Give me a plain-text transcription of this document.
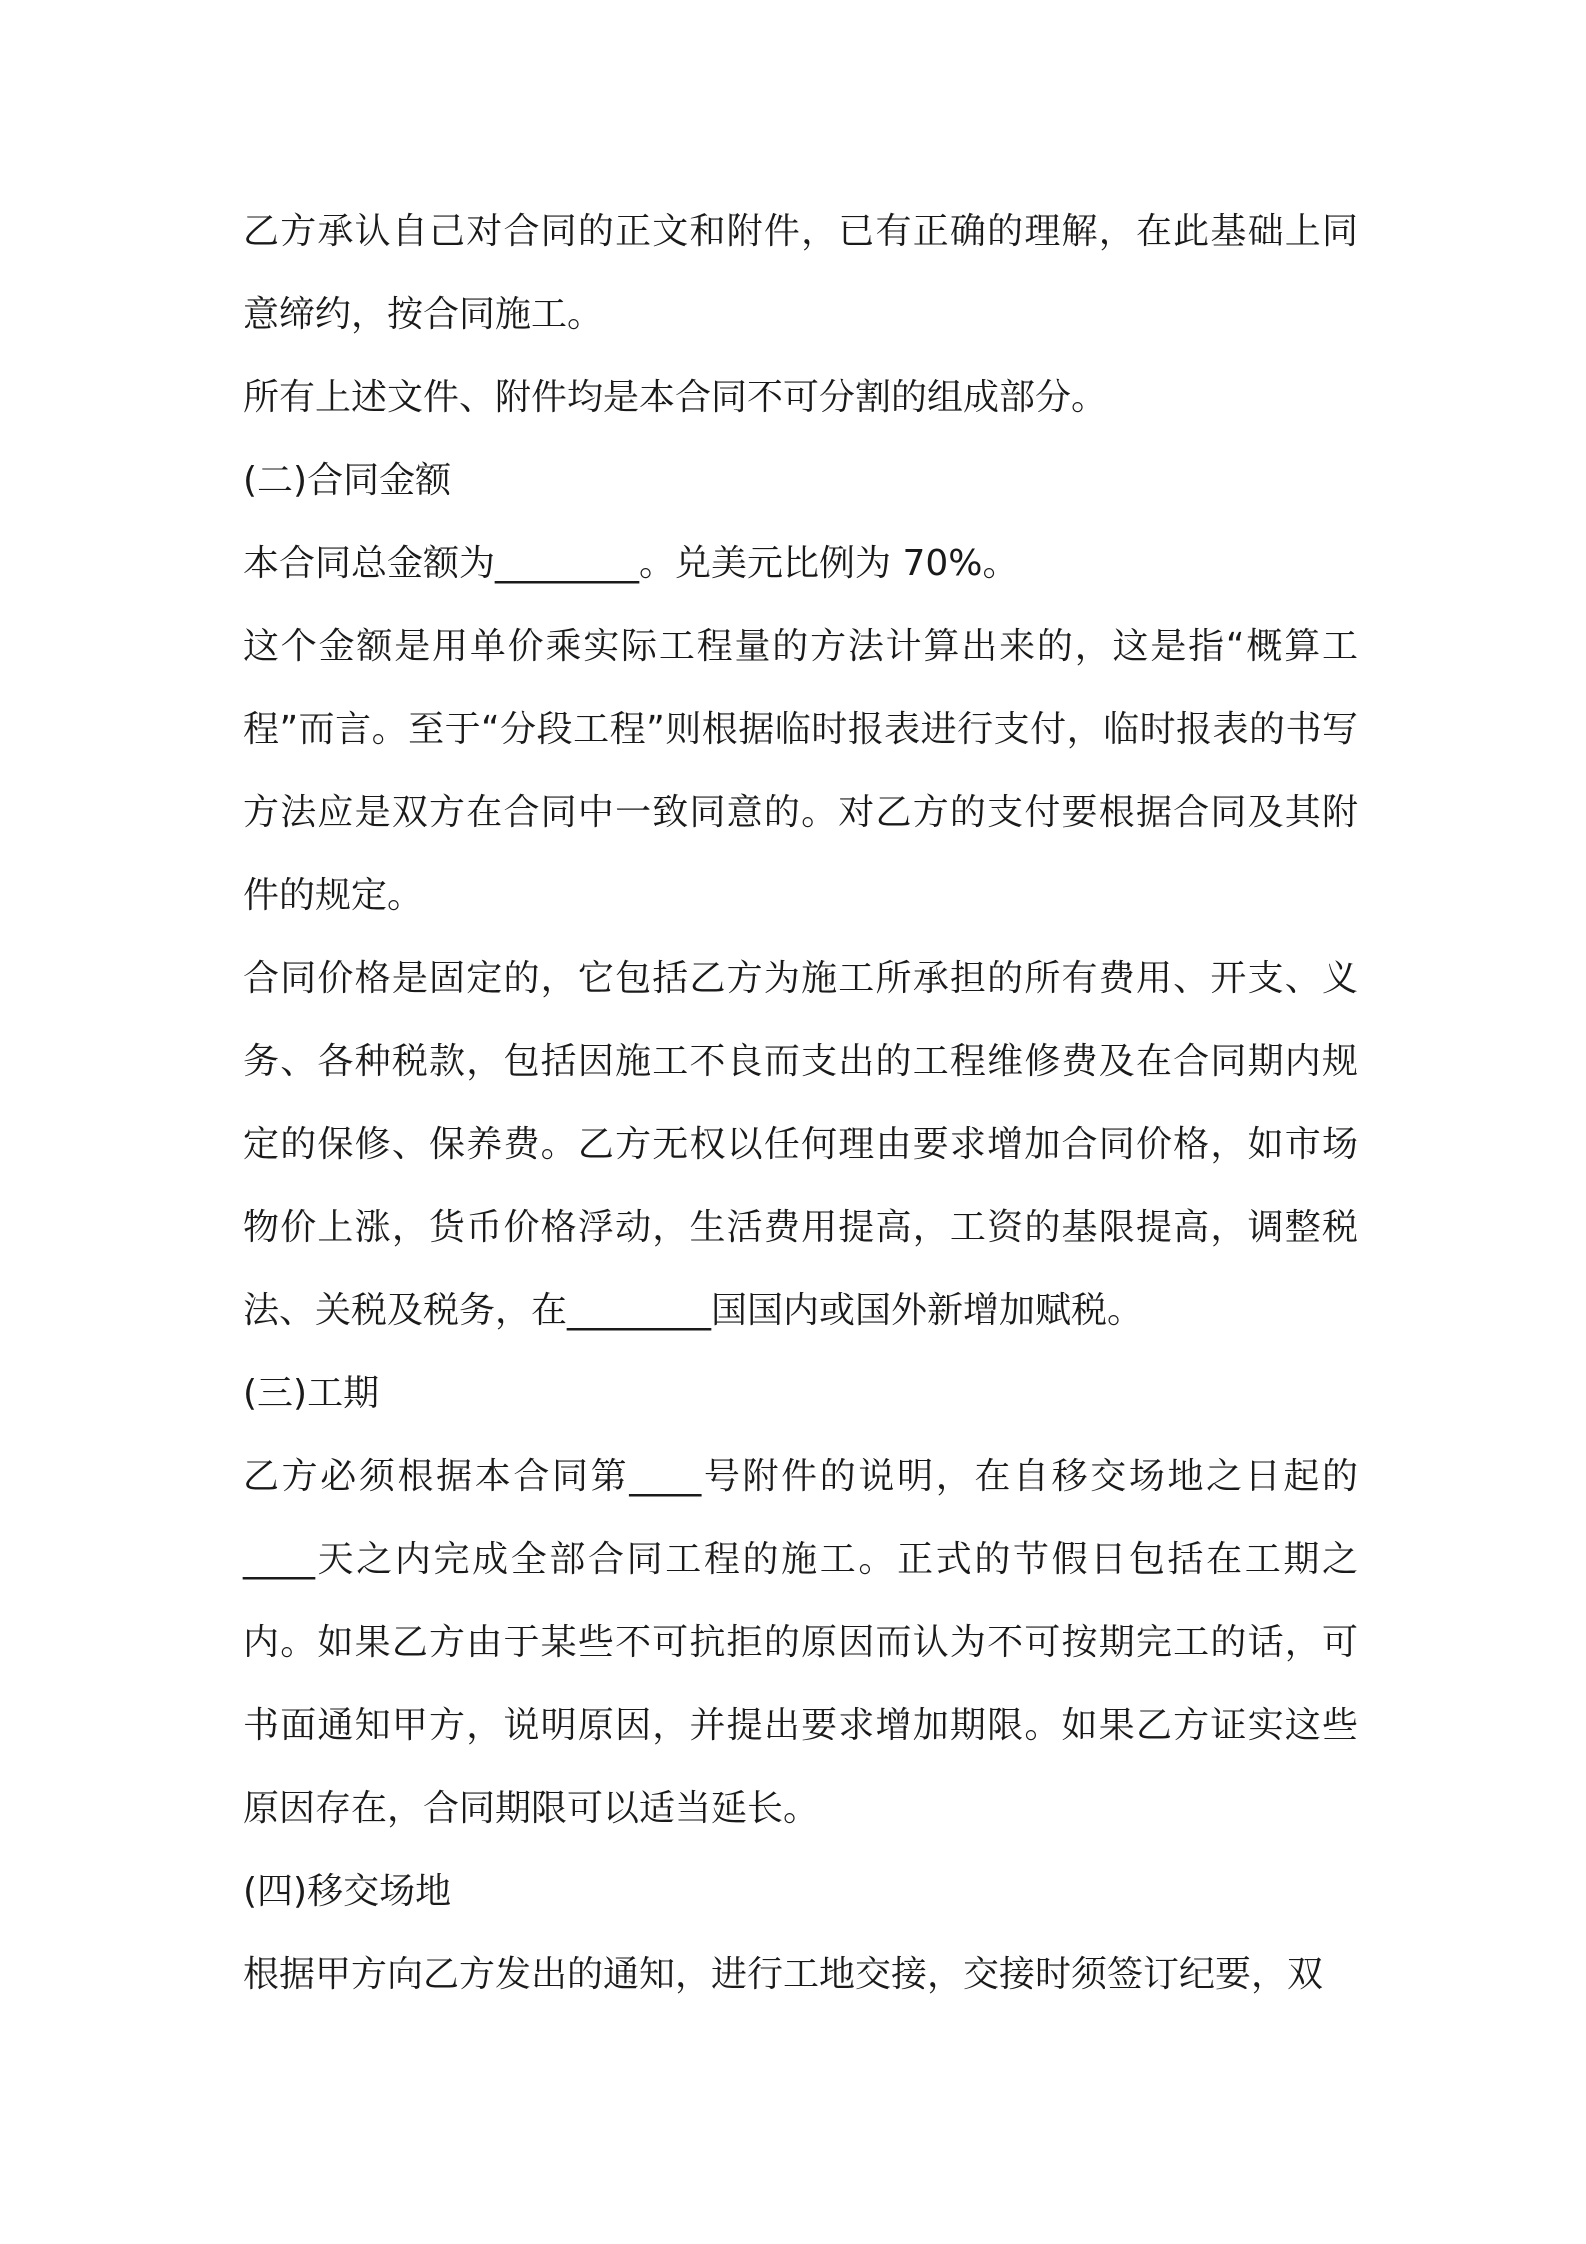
乙方承认自己对合同的正文和附件，已有正确的理解，在此基础上同意缔约，按合同施工。

所有上述文件、附件均是本合同不可分割的组成部分。

(二)合同金额

本合同总金额为________。兑美元比例为 70%。

这个金额是用单价乘实际工程量的方法计算出来的，这是指“概算工程”而言。至于“分段工程”则根据临时报表进行支付，临时报表的书写方法应是双方在合同中一致同意的。对乙方的支付要根据合同及其附件的规定。

合同价格是固定的，它包括乙方为施工所承担的所有费用、开支、义务、各种税款，包括因施工不良而支出的工程维修费及在合同期内规定的保修、保养费。乙方无权以任何理由要求增加合同价格，如市场物价上涨，货币价格浮动，生活费用提高，工资的基限提高，调整税法、关税及税务，在________国国内或国外新增加赋税。

(三)工期

乙方必须根据本合同第____号附件的说明，在自移交场地之日起的____天之内完成全部合同工程的施工。正式的节假日包括在工期之内。如果乙方由于某些不可抗拒的原因而认为不可按期完工的话，可书面通知甲方，说明原因，并提出要求增加期限。如果乙方证实这些原因存在，合同期限可以适当延长。

(四)移交场地

根据甲方向乙方发出的通知，进行工地交接，交接时须签订纪要，双
